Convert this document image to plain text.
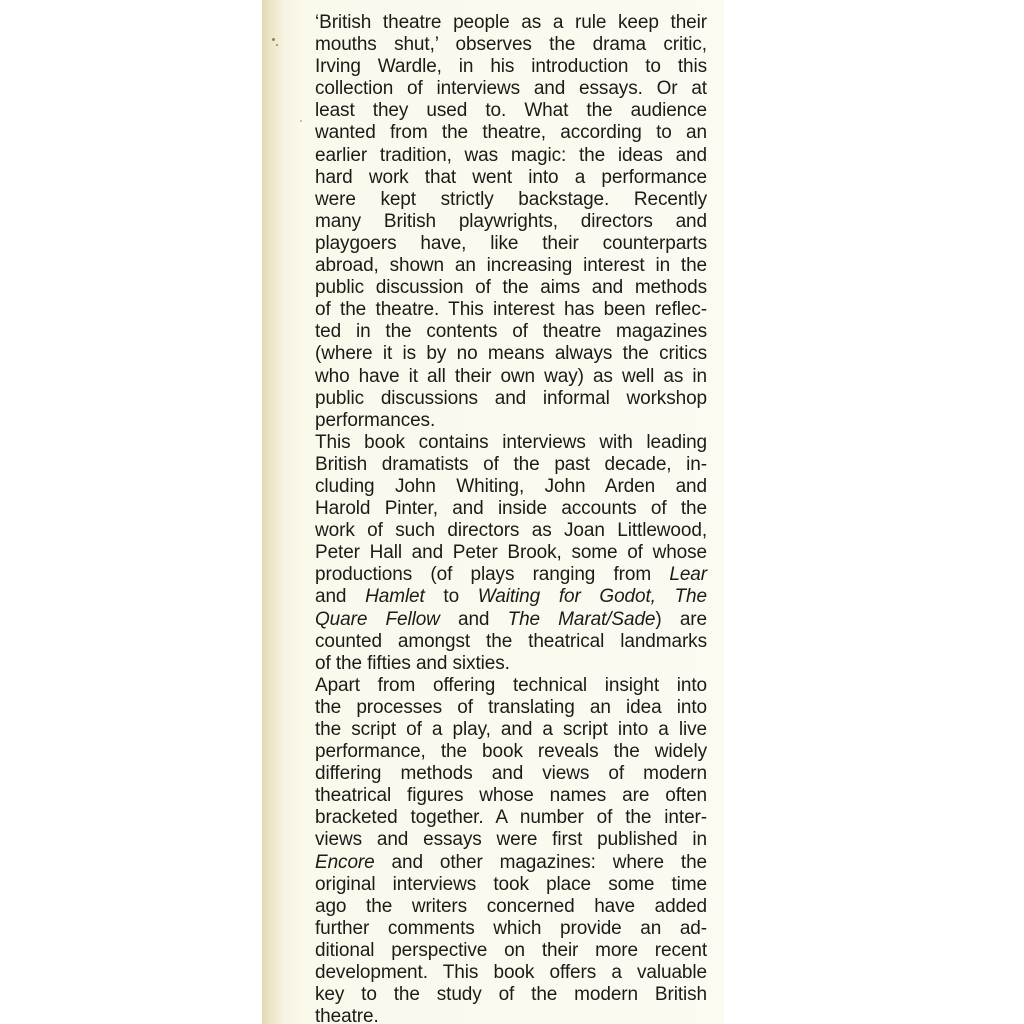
‘British theatre people as a rule keep their
mouths shut,’ observes the drama critic,
Irving Wardle, in his introduction to this
collection of interviews and essays. Or at
least they used to. What the audience
wanted from the theatre, according to an
earlier tradition, was magic: the ideas and
hard work that went into a performance
were kept strictly backstage. Recently
many British playwrights, directors and
playgoers have, like their counterparts
abroad, shown an increasing interest in the
public discussion of the aims and methods
of the theatre. This interest has been reflec-
ted in the contents of theatre magazines
(where it is by no means always the critics
who have it all their own way) as well as in
public discussions and informal workshop
performances.
This book contains interviews with leading
British dramatists of the past decade, in-
cluding John Whiting, John Arden and
Harold Pinter, and inside accounts of the
work of such directors as Joan Littlewood,
Peter Hall and Peter Brook, some of whose
productions (of plays ranging from Lear
and Hamlet to Waiting for Godot, The
Quare Fellow and The Marat/Sade) are
counted amongst the theatrical landmarks
of the fifties and sixties.
Apart from offering technical insight into
the processes of translating an idea into
the script of a play, and a script into a live
performance, the book reveals the widely
differing methods and views of modern
theatrical figures whose names are often
bracketed together. A number of the inter-
views and essays were first published in
Encore and other magazines: where the
original interviews took place some time
ago the writers concerned have added
further comments which provide an ad-
ditional perspective on their more recent
development. This book offers a valuable
key to the study of the modern British
theatre.
